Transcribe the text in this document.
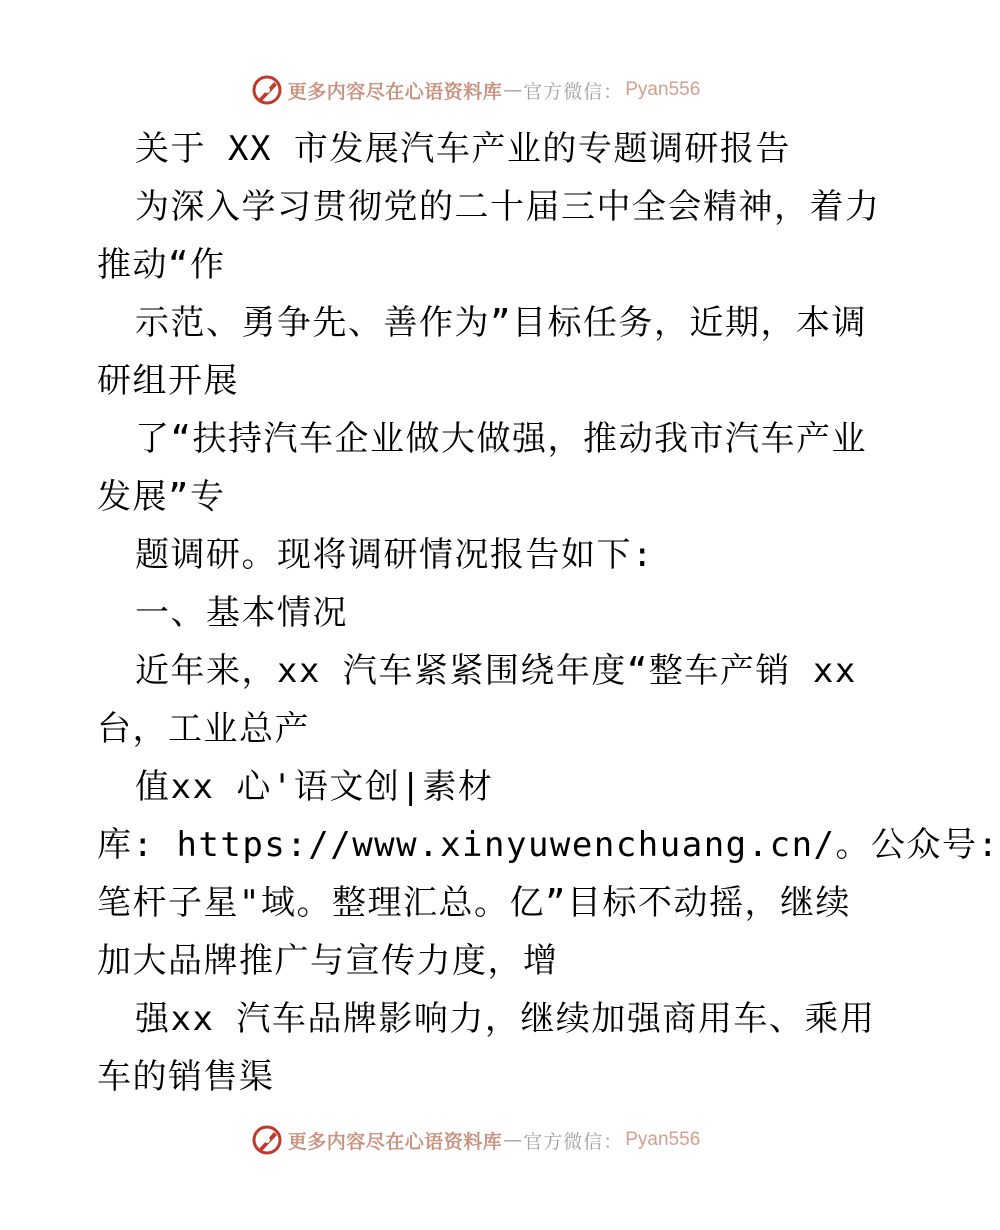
更多内容尽在心语资料库 — 官方微信： Pyan556
关于 XX 市发展汽车产业的专题调研报告
为深入学习贯彻党的二十届三中全会精神，着力
推动“作
示范、勇争先、善作为”目标任务，近期，本调
研组开展
了“扶持汽车企业做大做强，推动我市汽车产业
发展”专
题调研。现将调研情况报告如下:
一、基本情况
近年来，xx 汽车紧紧围绕年度“整车产销 xx
台，工业总产
值xx 心'语文创|素材
库: https://www.xinyuwenchuang.cn/。公众号:
笔杆子星"域。整理汇总。亿”目标不动摇，继续
加大品牌推广与宣传力度，增
强xx 汽车品牌影响力，继续加强商用车、乘用
车的销售渠
更多内容尽在心语资料库 — 官方微信： Pyan556
